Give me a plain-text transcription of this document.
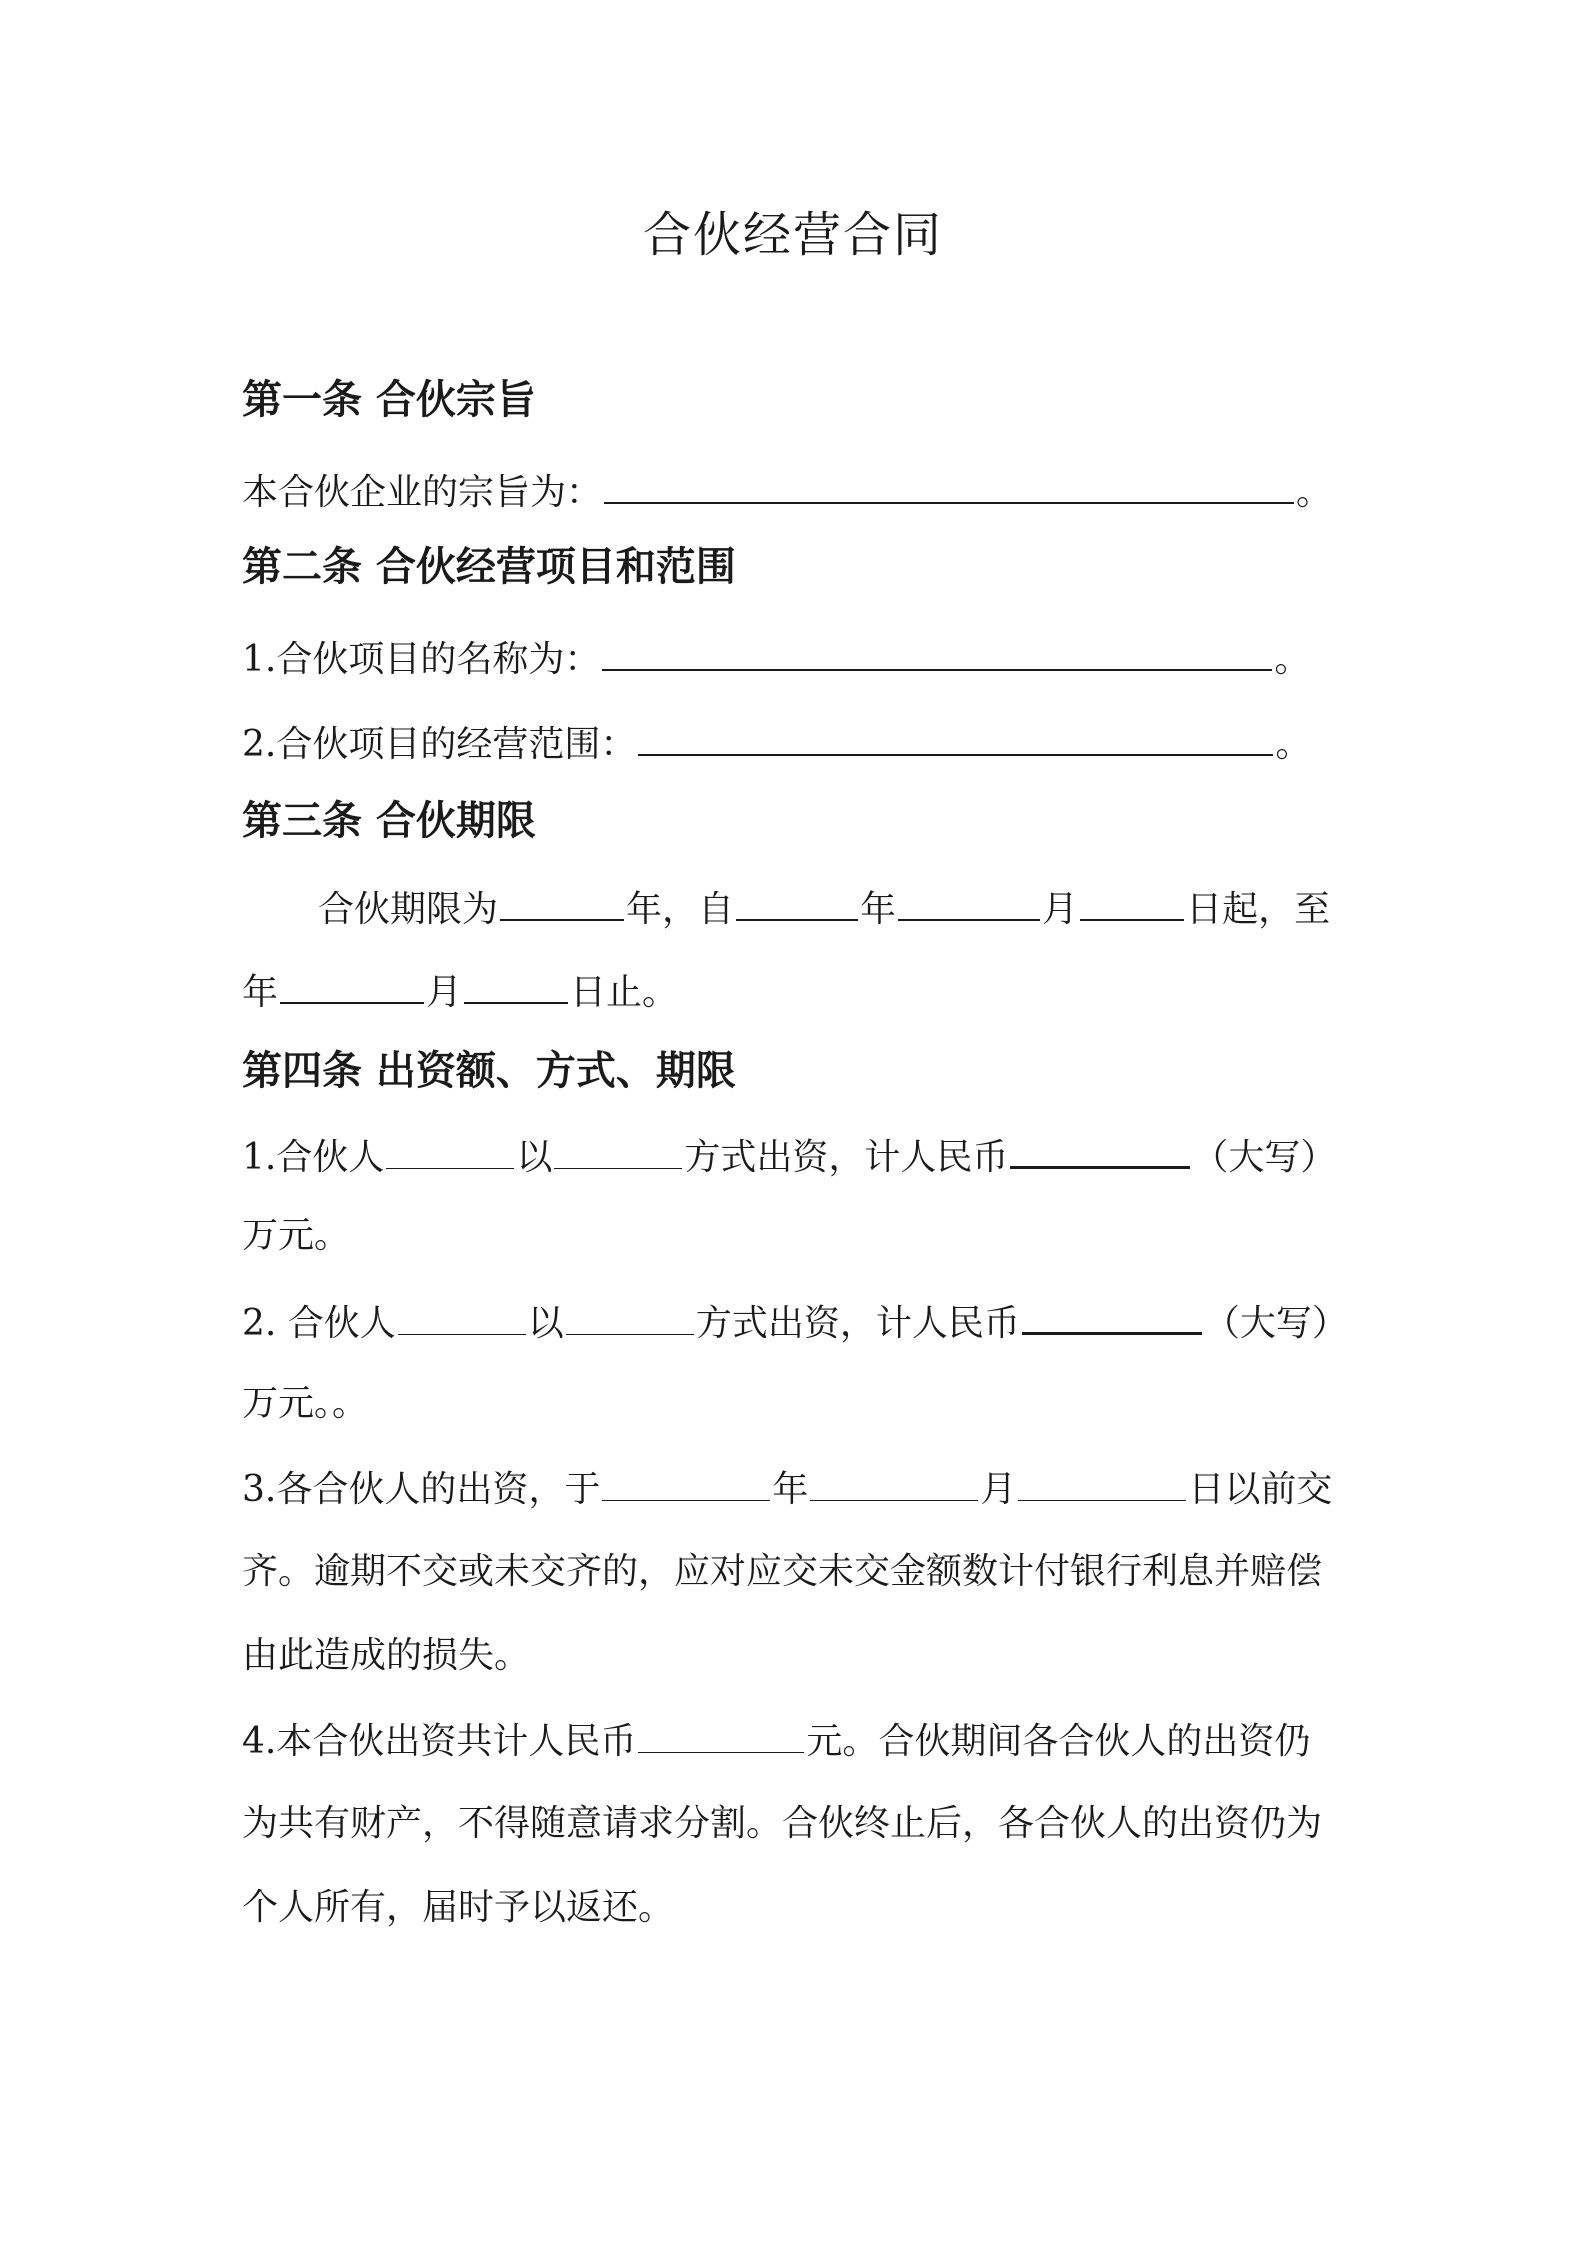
合伙经营合同
第一条 合伙宗旨
本合伙企业的宗旨为：	。
第二条 合伙经营项目和范围
1.合伙项目的名称为：	。
2.合伙项目的经营范围：	。
第三条 合伙期限
合伙期限为	年，自	年	月	日起，至
年	月	日止。
第四条 出资额、方式、期限
1.合伙人	以	方式出资，计人民币	（大写）
万元。
2. 合伙人	以	方式出资，计人民币	（大写）
万元。。
3.各合伙人的出资，于	年	月	日以前交
齐。逾期不交或未交齐的，应对应交未交金额数计付银行利息并赔偿
由此造成的损失。
4.本合伙出资共计人民币	元。合伙期间各合伙人的出资仍
为共有财产，不得随意请求分割。合伙终止后，各合伙人的出资仍为
个人所有，届时予以返还。
